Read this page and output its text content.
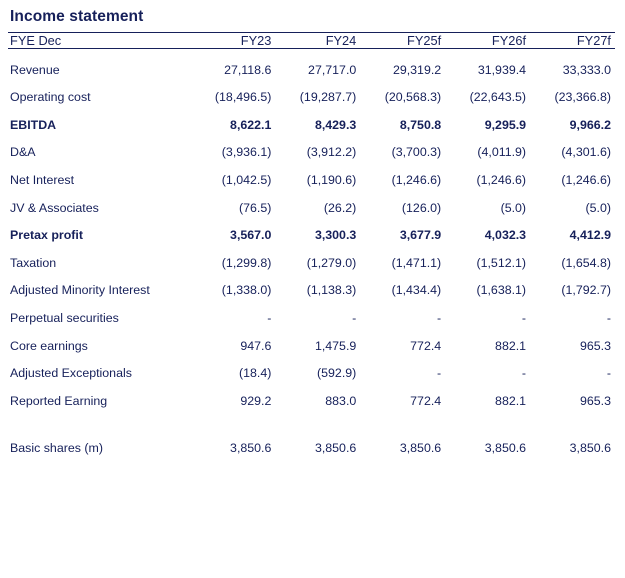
Income statement

FYE Dec	FY23	FY24	FY25f	FY26f	FY27f

Revenue	27,118.6	27,717.0	29,319.2	31,939.4	33,333.0
Operating cost	(18,496.5)	(19,287.7)	(20,568.3)	(22,643.5)	(23,366.8)
EBITDA	8,622.1	8,429.3	8,750.8	9,295.9	9,966.2
D&A	(3,936.1)	(3,912.2)	(3,700.3)	(4,011.9)	(4,301.6)
Net Interest	(1,042.5)	(1,190.6)	(1,246.6)	(1,246.6)	(1,246.6)
JV & Associates	(76.5)	(26.2)	(126.0)	(5.0)	(5.0)
Pretax profit	3,567.0	3,300.3	3,677.9	4,032.3	4,412.9
Taxation	(1,299.8)	(1,279.0)	(1,471.1)	(1,512.1)	(1,654.8)
Adjusted Minority Interest	(1,338.0)	(1,138.3)	(1,434.4)	(1,638.1)	(1,792.7)
Perpetual securities	-	-	-	-	-
Core earnings	947.6	1,475.9	772.4	882.1	965.3
Adjusted Exceptionals	(18.4)	(592.9)	-	-	-
Reported Earning	929.2	883.0	772.4	882.1	965.3

Basic shares (m)	3,850.6	3,850.6	3,850.6	3,850.6	3,850.6
